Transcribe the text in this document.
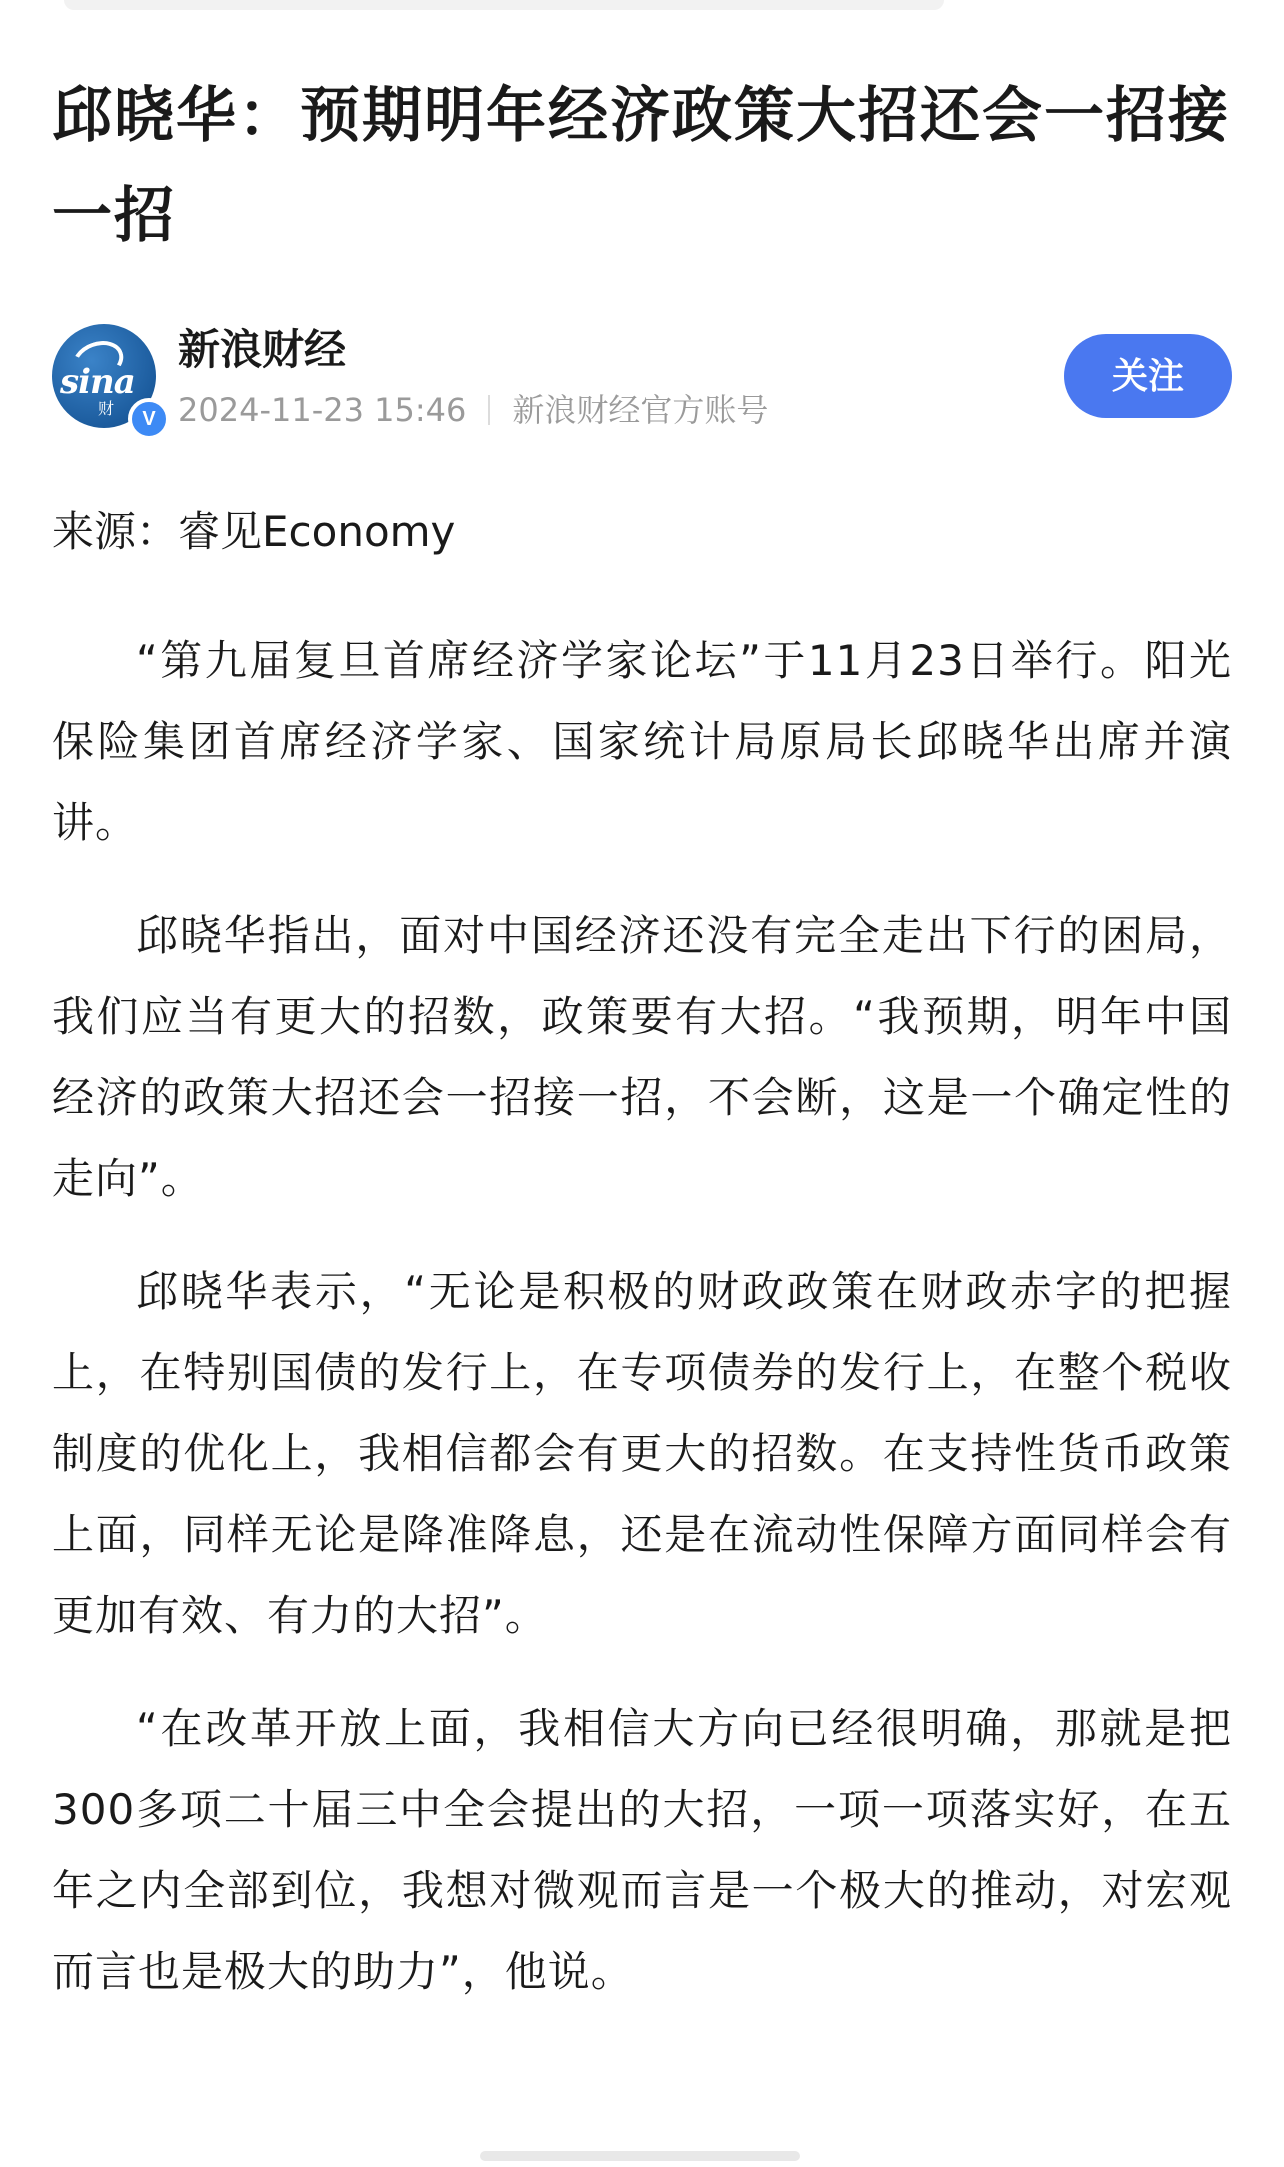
邱晓华：预期明年经济政策大招还会一招接一招
sina
财	V
新浪财经
2024-11-23 15:46 新浪财经官方账号
关注

来源：睿见Economy

“第九届复旦首席经济学家论坛”于11月23日举行。阳光保险集团首席经济学家、国家统计局原局长邱晓华出席并演讲。

邱晓华指出，面对中国经济还没有完全走出下行的困局，我们应当有更大的招数，政策要有大招。“我预期，明年中国经济的政策大招还会一招接一招，不会断，这是一个确定性的走向”。

邱晓华表示，“无论是积极的财政政策在财政赤字的把握上，在特别国债的发行上，在专项债券的发行上，在整个税收制度的优化上，我相信都会有更大的招数。在支持性货币政策上面，同样无论是降准降息，还是在流动性保障方面同样会有更加有效、有力的大招”。

“在改革开放上面，我相信大方向已经很明确，那就是把300多项二十届三中全会提出的大招，一项一项落实好，在五年之内全部到位，我想对微观而言是一个极大的推动，对宏观而言也是极大的助力”，他说。
